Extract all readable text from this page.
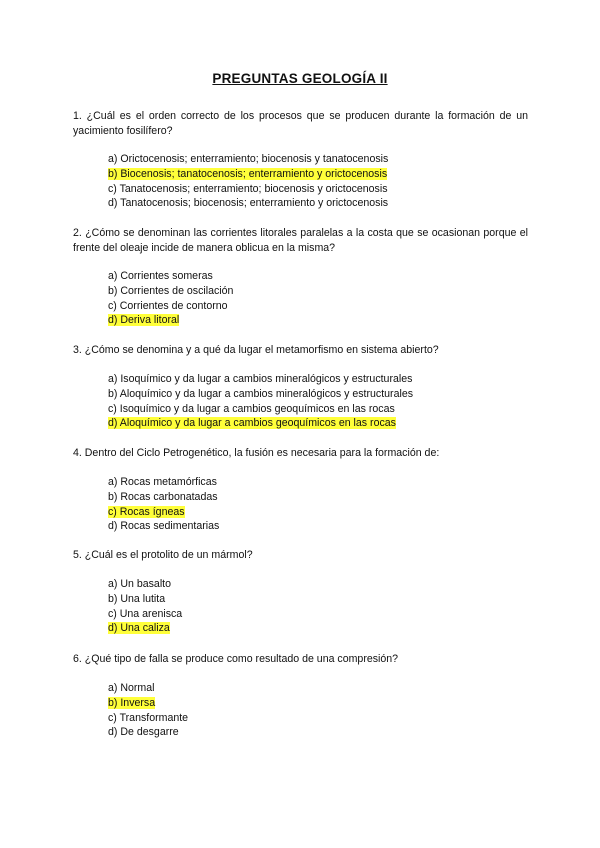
PREGUNTAS GEOLOGÍA II
1. ¿Cuál es el orden correcto de los procesos que se producen durante la formación de un yacimiento fosilífero?
a) Orictocenosis; enterramiento; biocenosis y tanatocenosis
b) Biocenosis; tanatocenosis; enterramiento y orictocenosis
c) Tanatocenosis; enterramiento; biocenosis y orictocenosis
d) Tanatocenosis; biocenosis; enterramiento y orictocenosis
2. ¿Cómo se denominan las corrientes litorales paralelas a la costa que se ocasionan porque el frente del oleaje incide de manera oblicua en la misma?
a) Corrientes someras
b) Corrientes de oscilación
c) Corrientes de contorno
d) Deriva litoral
3. ¿Cómo se denomina y a qué da lugar el metamorfismo en sistema abierto?
a) Isoquímico y da lugar a cambios mineralógicos y estructurales
b) Aloquímico y da lugar a cambios mineralógicos y estructurales
c) Isoquímico y da lugar a cambios geoquímicos en las rocas
d) Aloquímico y da lugar a cambios geoquímicos en las rocas
4. Dentro del Ciclo Petrogenético, la fusión es necesaria para la formación de:
a) Rocas metamórficas
b) Rocas carbonatadas
c) Rocas ígneas
d) Rocas sedimentarias
5. ¿Cuál es el protolito de un mármol?
a) Un basalto
b) Una lutita
c) Una arenisca
d) Una caliza
6. ¿Qué tipo de falla se produce como resultado de una compresión?
a) Normal
b) Inversa
c) Transformante
d) De desgarre
